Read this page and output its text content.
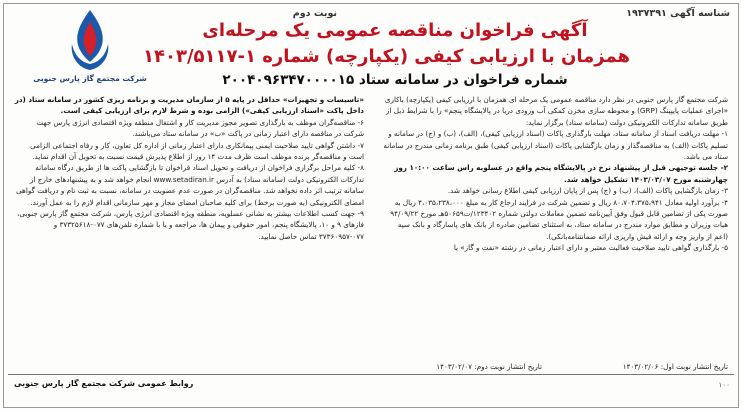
شناسه آگهی ۱۹۳۷۳۹۱
نوبت دوم
شرکت مجتمع گاز پارس جنوبی
آگهی فراخوان مناقصه عمومی یک مرحله‌ای
همزمان با ارزیابی کیفی (یکپارچه) شماره ۱-۱۴۰۳/۵۱۱۷
شماره فراخوان در سامانه ستاد ۲۰۰۴۰۹۶۳۴۷۰۰۰۰۱۵

شرکت مجتمع گاز پارس جنوبی در نظر دارد مناقصه عمومی یک مرحله ای همزمان با ارزیابی کیفی (یکپارچه) باکاری «اجرای عملیات پایپینگ (GRP) و محوطه سازی مخزن کمکی آب ورودی دریا در پالایشگاه پنجم» را با شرایط ذیل از طریق سامانه تدارکات الکترونیکی دولت (سامانه ستاد) برگزار نماید:

۱- مهلت دریافت اسناد از سامانه ستاد، مهلت بارگذاری پاکات (اسناد ارزیابی کیفی)، (الف)، (ب) و (ج) در سامانه و تسلیم پاکات (الف) به مناقصه‌گذار و زمان بازگشایی پاکات (اسناد ارزیابی کیفی) طبق برنامه زمانی مندرج در سامانه ستاد می باشد.

۲- جلسه توجیهی قبل از پیشنهاد نرخ در پالایشگاه پنجم واقع در عسلویه راس ساعت ۱۰:۰۰ روز چهارشنبه مورخ ۱۴۰۳/۰۳/۰۷ تشکیل خواهد شد.

۳- زمان بازگشایی پاکات (الف)، (ب) و (ج) پس از پایان ارزیابی کیفی اطلاع رسانی خواهد شد.

۴- برآورد اولیه معادل ۸۰،۷۰۴،۳۷۵،۹۴۱ ریال و تضمین شرکت در فرایند ارجاع کار به مبلغ ۴،۰۳۵،۲۳۸،۰۰۰ ریال به صورت یکی از تضامین قابل قبول وفق آیین‌نامه تضمین معاملات دولتی شماره ۱۲۳۴۰۲/ت۵۰۶۵۹هـ مورخ ۹۴/۰۹/۲۲ هیات وزیران و مطابق موارد مندرج در سامانه ستاد، به استثنای تضامین صادره از بانک های پاسارگاد و بانک سپه (اعم از واریز وجه و ارائه فیش واریزی ارائه ضمانتنامه‌بانکی).

۵- بارگذاری گواهی تایید صلاحیت فعالیت معتبر و دارای اعتبار زمانی در رشته «نفت و گاز» یا

«تاسیسات و تجهیزات» حداقل در پایه ۵ از سازمان مدیریت و برنامه ریزی کشور در سامانه ستاد (در داخل پاکت «اسناد ارزیابی کیفی») الزامی بوده و شرط لازم برای ارزیابی کیفی است.

۶- مناقصه‌گران موظف به بارگذاری تصویر مجوز مدیریت کار و اشتغال منطقه ویژه اقتصادی انرژی پارس جهت شرکت در مناقصه دارای اعتبار زمانی در پاکت «ب» در سامانه ستاد می‌باشند.

۷- داشتن گواهی تایید صلاحیت ایمنی پیمانکاری دارای اعتبار زمانی از اداره کل تعاون، کار و رفاه اجتماعی الزامی است و مناقصه‌گر برنده موظف است ظرف مدت ۱۴ روز از اطلاع پذیرش قیمت نسبت به تحویل آن اقدام نماید.

۸- کلیه مراحل برگزاری فراخوان از دریافت و تحویل اسناد فراخوان تا بازگشایی پاکت ها از طریق درگاه سامانه تدارکات الکترونیکی دولت (سامانه ستاد) به آدرس www.setadiran.ir انجام خواهد شد و به پیشنهادهای خارج از سامانه ترتیب اثر داده نخواهد شد. مناقصه‌گران در صورت عدم عضویت در سامانه، نسبت به ثبت نام و دریافت گواهی امضای الکترونیکی (به صورت برخط) برای کلیه صاحبان امضای مجاز و مهر سازمانی اقدام لازم را به عمل آورند.

۹- جهت کسب اطلاعات بیشتر به نشانی عسلویه، منطقه ویژه اقتصادی انرژی پارس، شرکت مجتمع گاز پارس جنوبی، فازهای ۹ و ۱۰، پالایشگاه پنجم، امور حقوقی و پیمان ها، مراجعه و یا با شماره تلفن‌های ۰۷۷-۳۷۳۲۵۶۱۸ و ۰۷۷-۳۷۳۶۰۹۵۷ تماس حاصل نمایید.

تاریخ انتشار نوبت اول: ۱۴۰۳/۰۲/۰۶
تاریخ انتشار نوبت دوم: ۱۴۰۳/۰۲/۰۷
روابط عمومی شرکت مجتمع گاز پارس جنوبی	۱۰۰
